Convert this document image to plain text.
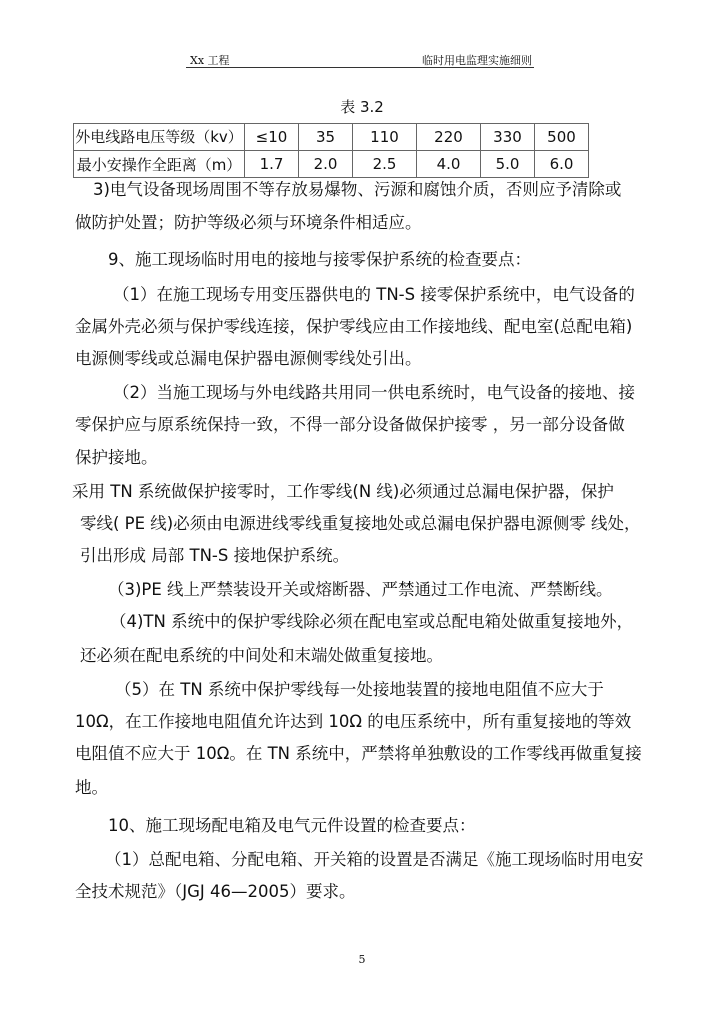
Xx 工程	临时用电监理实施细则
表 3.2
外电线路电压等级（kv）	≤10	35	110	220	330	500
最小安操作全距离（m）	1.7	2.0	2.5	4.0	5.0	6.0
3)电气设备现场周围不等存放易爆物、污源和腐蚀介质，否则应予清除或
做防护处置；防护等级必须与环境条件相适应。
9、施工现场临时用电的接地与接零保护系统的检查要点：
（1）在施工现场专用变压器供电的 TN-S 接零保护系统中，电气设备的
金属外壳必须与保护零线连接，保护零线应由工作接地线、配电室(总配电箱)
电源侧零线或总漏电保护器电源侧零线处引出。
（2）当施工现场与外电线路共用同一供电系统时，电气设备的接地、接
零保护应与原系统保持一致，不得一部分设备做保护接零 ，另一部分设备做
保护接地。
采用 TN 系统做保护接零时，工作零线(N 线)必须通过总漏电保护器，保护
零线( PE 线)必须由电源进线零线重复接地处或总漏电保护器电源侧零 线处，
引出形成 局部 TN-S 接地保护系统。
（3)PE 线上严禁装设开关或熔断器、严禁通过工作电流、严禁断线。
（4)TN 系统中的保护零线除必须在配电室或总配电箱处做重复接地外，
还必须在配电系统的中间处和末端处做重复接地。
（5）在 TN 系统中保护零线每一处接地装置的接地电阻值不应大于
10Ω，在工作接地电阻值允许达到 10Ω 的电压系统中，所有重复接地的等效
电阻值不应大于 10Ω。在 TN 系统中，严禁将单独敷设的工作零线再做重复接
地。
10、施工现场配电箱及电气元件设置的检查要点：
（1）总配电箱、分配电箱、开关箱的设置是否满足《施工现场临时用电安
全技术规范》（JGJ 46—2005）要求。
5
